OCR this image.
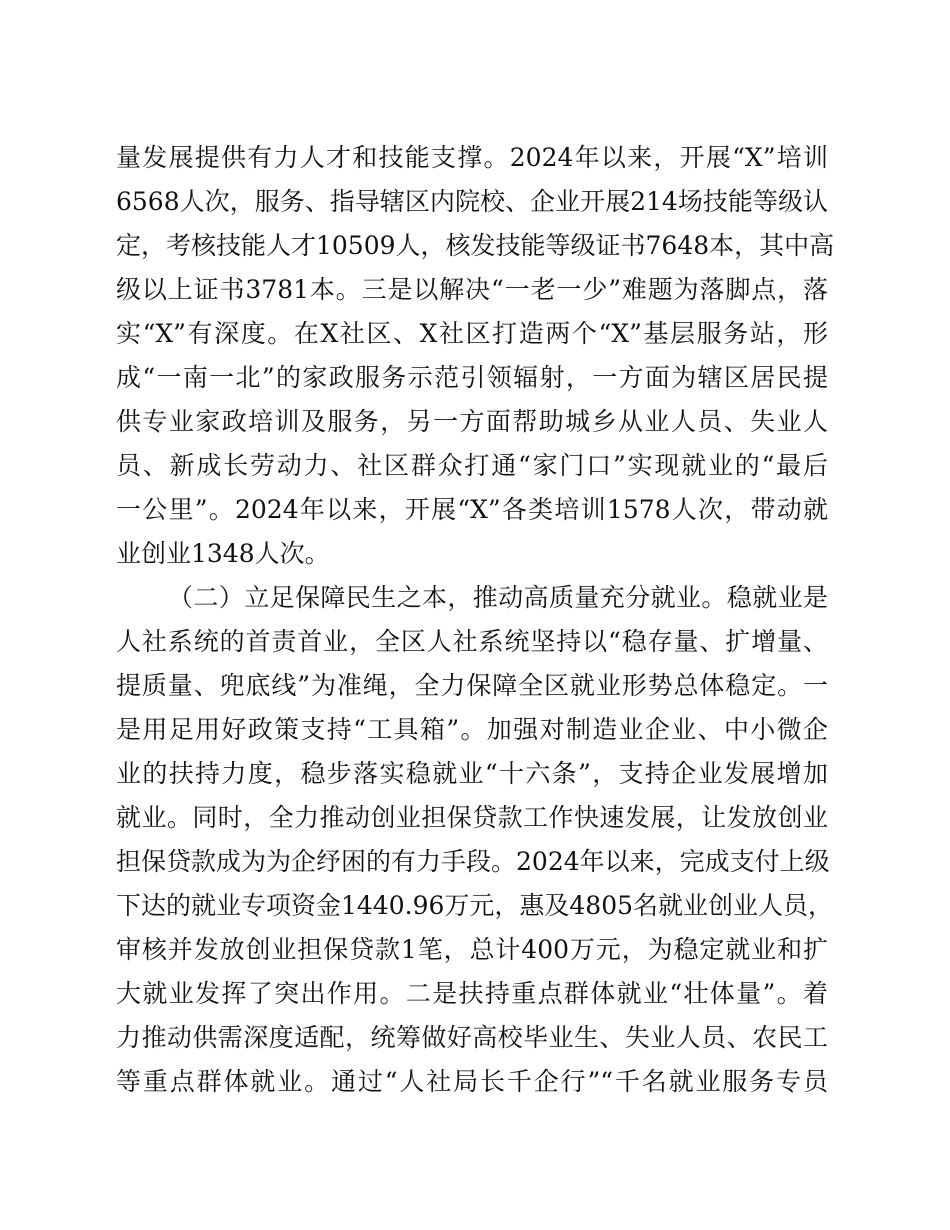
量发展提供有力人才和技能支撑。2024年以来，开展“X”培训
6568人次，服务、指导辖区内院校、企业开展214场技能等级认
定，考核技能人才10509人，核发技能等级证书7648本，其中高
级以上证书3781本。三是以解决“一老一少”难题为落脚点，落
实“X”有深度。在X社区、X社区打造两个“X”基层服务站，形
成“一南一北”的家政服务示范引领辐射，一方面为辖区居民提
供专业家政培训及服务，另一方面帮助城乡从业人员、失业人
员、新成长劳动力、社区群众打通“家门口”实现就业的“最后
一公里”。2024年以来，开展“X”各类培训1578人次，带动就
业创业1348人次。
（二）立足保障民生之本，推动高质量充分就业。稳就业是
人社系统的首责首业，全区人社系统坚持以“稳存量、扩增量、
提质量、兜底线”为准绳，全力保障全区就业形势总体稳定。一
是用足用好政策支持“工具箱”。加强对制造业企业、中小微企
业的扶持力度，稳步落实稳就业“十六条”，支持企业发展增加
就业。同时，全力推动创业担保贷款工作快速发展，让发放创业
担保贷款成为为企纾困的有力手段。2024年以来，完成支付上级
下达的就业专项资金1440.96万元，惠及4805名就业创业人员，
审核并发放创业担保贷款1笔，总计400万元，为稳定就业和扩
大就业发挥了突出作用。二是扶持重点群体就业“壮体量”。着
力推动供需深度适配，统筹做好高校毕业生、失业人员、农民工
等重点群体就业。通过“人社局长千企行”“千名就业服务专员
